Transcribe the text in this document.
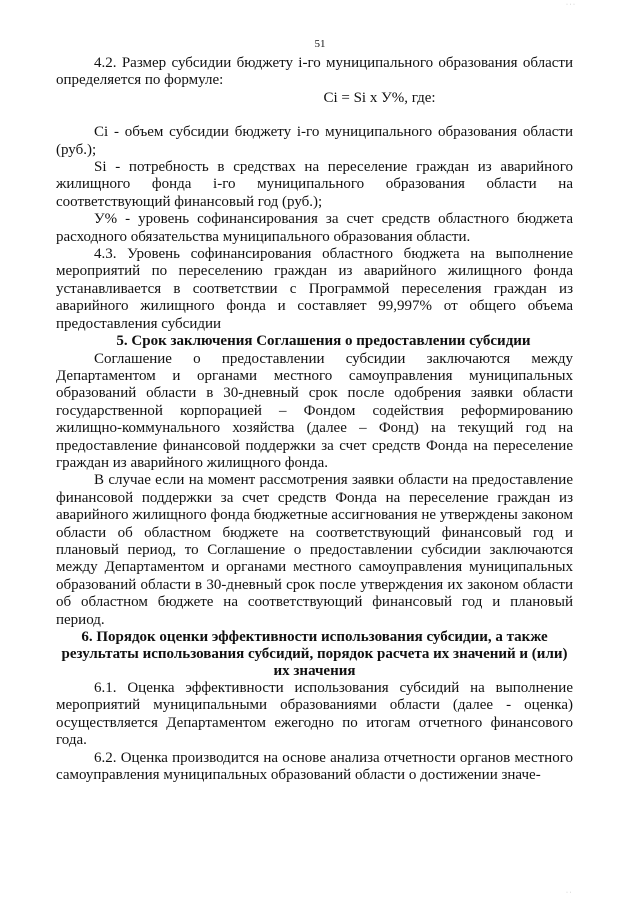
· · ·
51

4.2. Размер субсидии бюджету i-го муниципального образования области определяется по формуле:

Ci = Si x У%, где:

Ci - объем субсидии бюджету i-го муниципального образования области (руб.);

Si - потребность в средствах на переселение граждан из аварийного жилищного фонда i-го муниципального образования области на соответствующий финансовый год (руб.);

У% - уровень софинансирования за счет средств областного бюджета расходного обязательства муниципального образования области.

4.3. Уровень софинансирования областного бюджета на выполнение мероприятий по переселению граждан из аварийного жилищного фонда устанавливается в соответствии с Программой переселения граждан из аварийного жилищного фонда и составляет 99,997% от общего объема предоставления субсидии

5. Срок заключения Соглашения о предоставлении субсидии

Соглашение о предоставлении субсидии заключаются между Департаментом и органами местного самоуправления муниципальных образований области в 30-дневный срок после одобрения заявки области государственной корпорацией – Фондом содействия реформированию жилищно-коммунального хозяйства (далее – Фонд) на текущий год на предоставление финансовой поддержки за счет средств Фонда на переселение граждан из аварийного жилищного фонда.

В случае если на момент рассмотрения заявки области на предоставление финансовой поддержки за счет средств Фонда на переселение граждан из аварийного жилищного фонда бюджетные ассигнования не утверждены законом области об областном бюджете на соответствующий финансовый год и плановый период, то Соглашение о предоставлении субсидии заключаются между Департаментом и органами местного самоуправления муниципальных образований области в 30-дневный срок после утверждения их законом области об областном бюджете на соответствующий финансовый год и плановый период.

6. Порядок оценки эффективности использования субсидии, а также результаты использования субсидий, порядок расчета их значений и (или) их значения

6.1. Оценка эффективности использования субсидий на выполнение мероприятий муниципальными образованиями области (далее - оценка) осуществляется Департаментом ежегодно по итогам отчетного финансового года.

6.2. Оценка производится на основе анализа отчетности органов местного самоуправления муниципальных образований области о достижении значе-

· ·
